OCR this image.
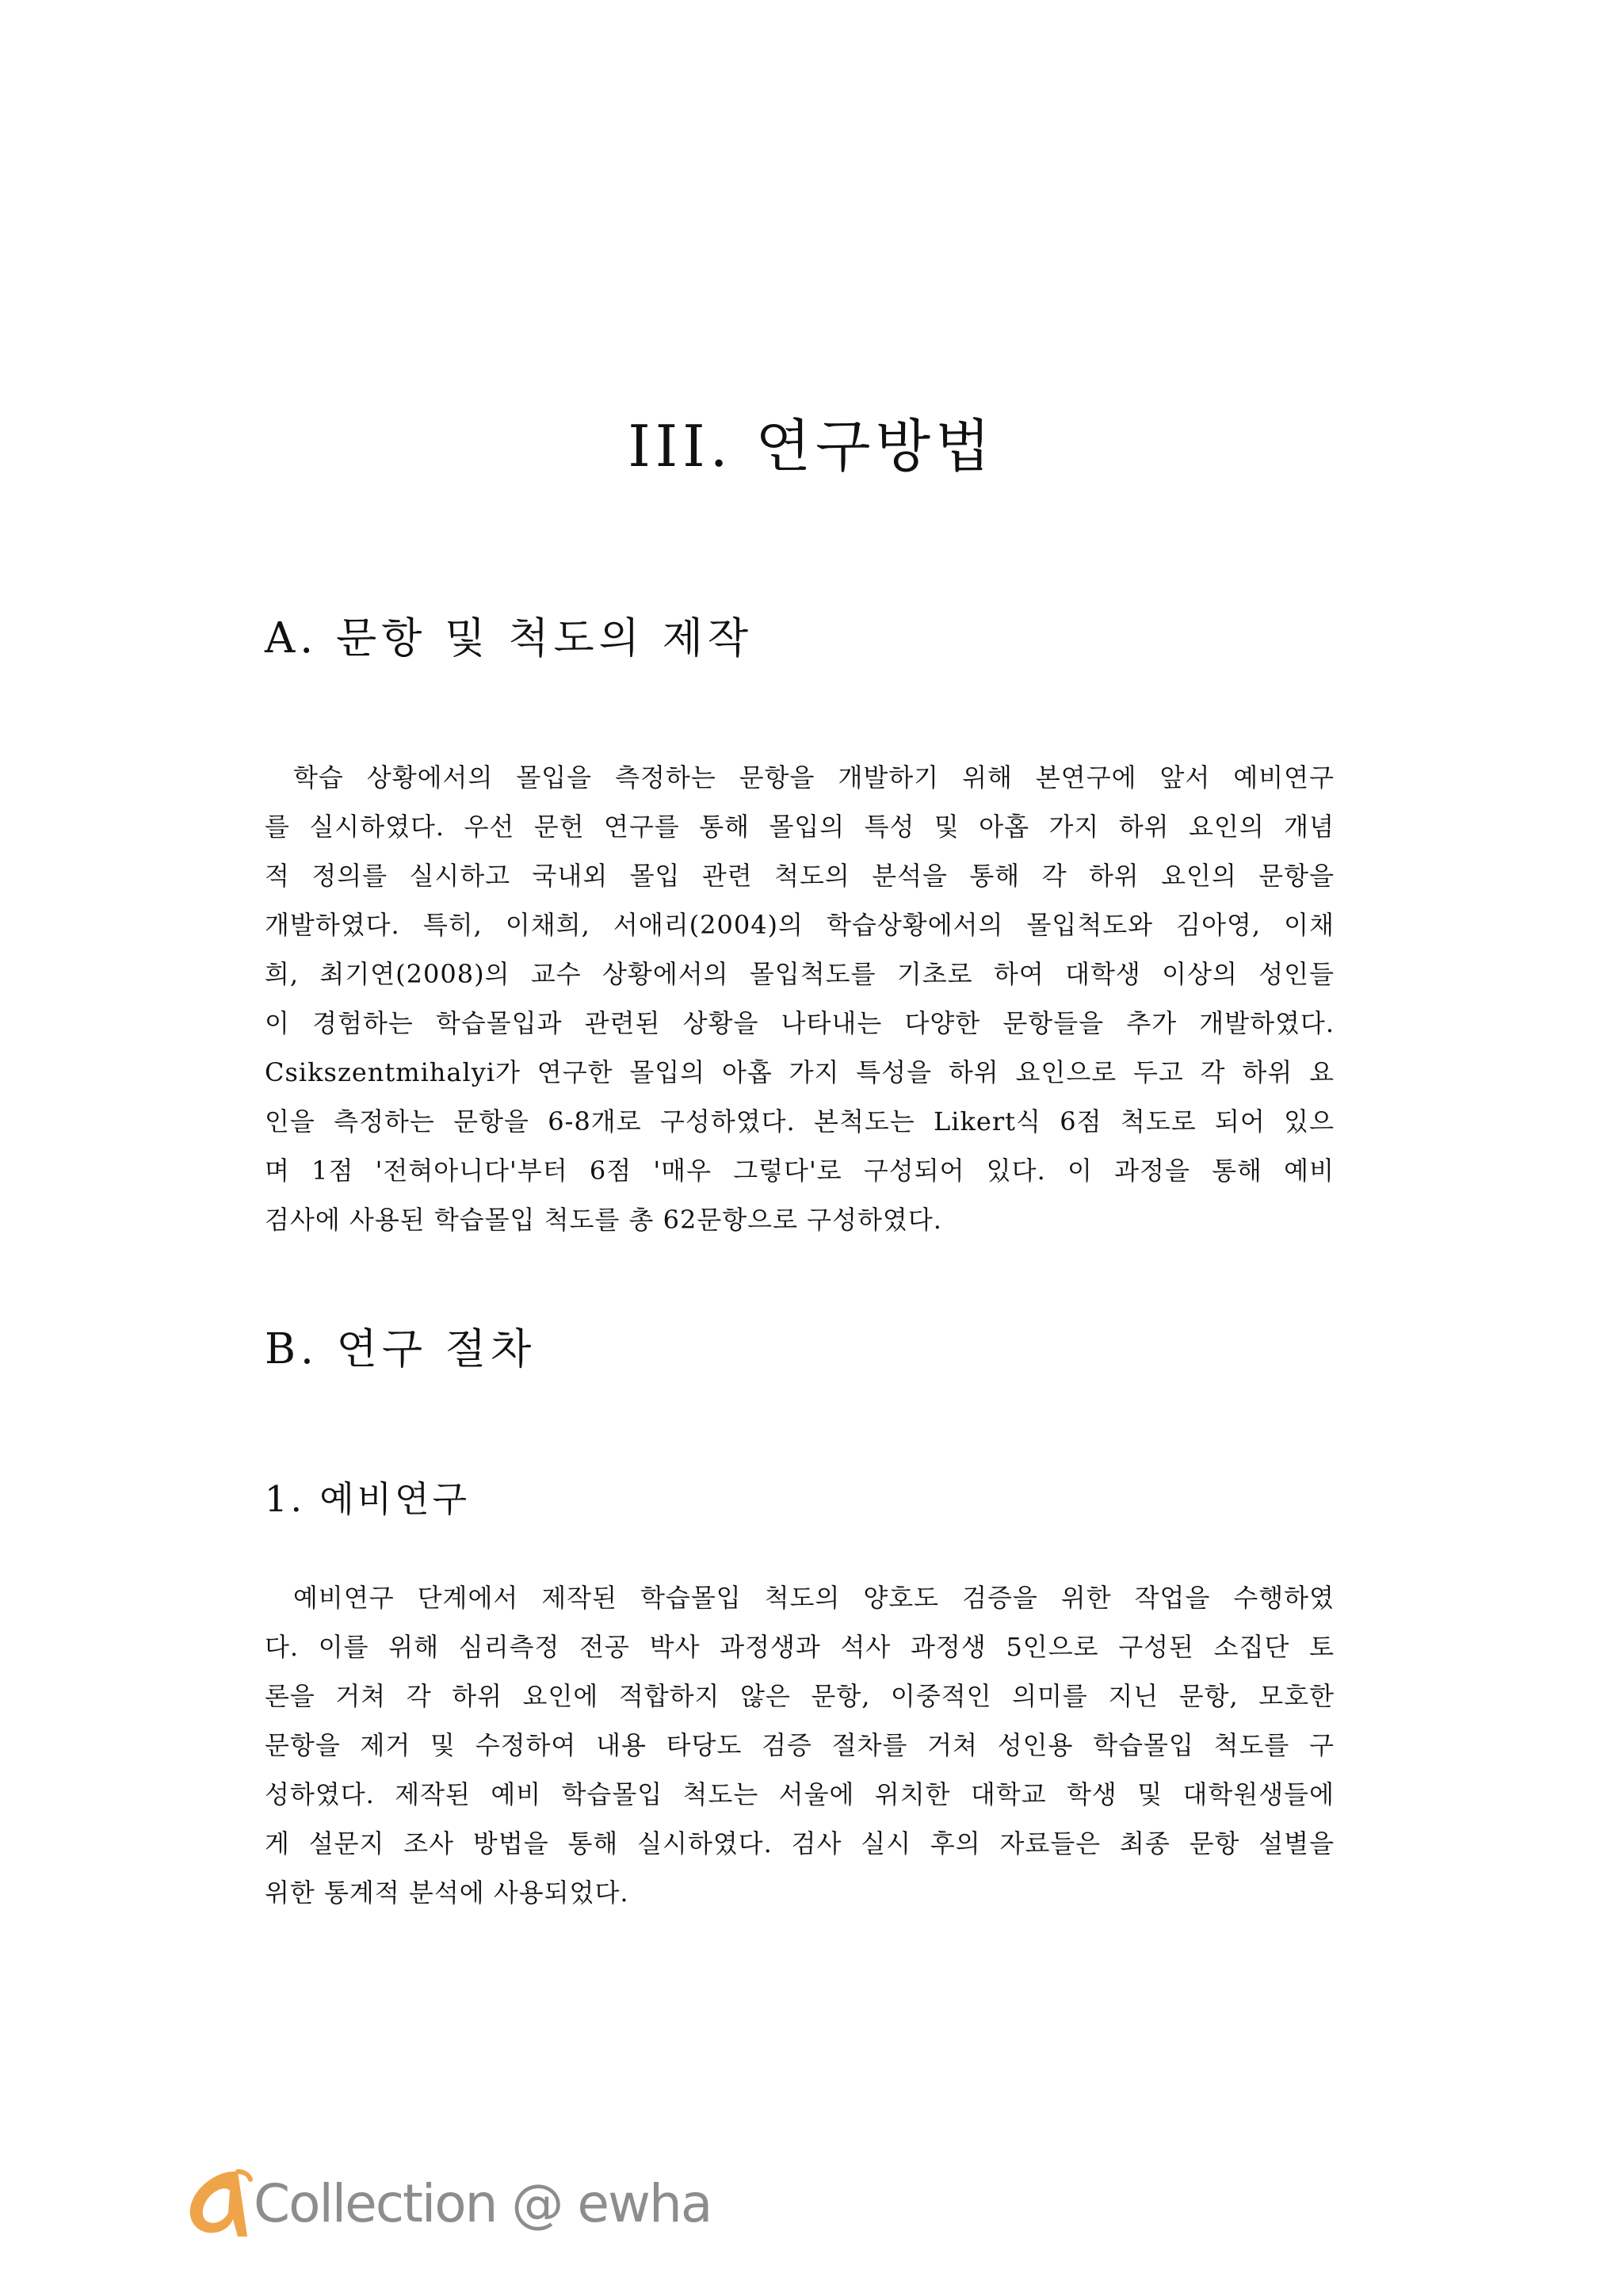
III. 연구방법
A. 문항 및 척도의 제작
학습 상황에서의 몰입을 측정하는 문항을 개발하기 위해 본연구에 앞서 예비연구
를 실시하였다. 우선 문헌 연구를 통해 몰입의 특성 및 아홉 가지 하위 요인의 개념
적 정의를 실시하고 국내외 몰입 관련 척도의 분석을 통해 각 하위 요인의 문항을
개발하였다. 특히, 이채희, 서애리(2004)의 학습상황에서의 몰입척도와 김아영, 이채
희, 최기연(2008)의 교수 상황에서의 몰입척도를 기초로 하여 대학생 이상의 성인들
이 경험하는 학습몰입과 관련된 상황을 나타내는 다양한 문항들을 추가 개발하였다.
Csikszentmihalyi가 연구한 몰입의 아홉 가지 특성을 하위 요인으로 두고 각 하위 요
인을 측정하는 문항을 6-8개로 구성하였다. 본척도는 Likert식 6점 척도로 되어 있으
며 1점 '전혀아니다'부터 6점 '매우 그렇다'로 구성되어 있다. 이 과정을 통해 예비
검사에 사용된 학습몰입 척도를 총 62문항으로 구성하였다.
B. 연구 절차
1. 예비연구
예비연구 단계에서 제작된 학습몰입 척도의 양호도 검증을 위한 작업을 수행하였
다. 이를 위해 심리측정 전공 박사 과정생과 석사 과정생 5인으로 구성된 소집단 토
론을 거쳐 각 하위 요인에 적합하지 않은 문항, 이중적인 의미를 지닌 문항, 모호한
문항을 제거 및 수정하여 내용 타당도 검증 절차를 거쳐 성인용 학습몰입 척도를 구
성하였다. 제작된 예비 학습몰입 척도는 서울에 위치한 대학교 학생 및 대학원생들에
게 설문지 조사 방법을 통해 실시하였다. 검사 실시 후의 자료들은 최종 문항 설별을
위한 통계적 분석에 사용되었다.
Collection @ ewha
